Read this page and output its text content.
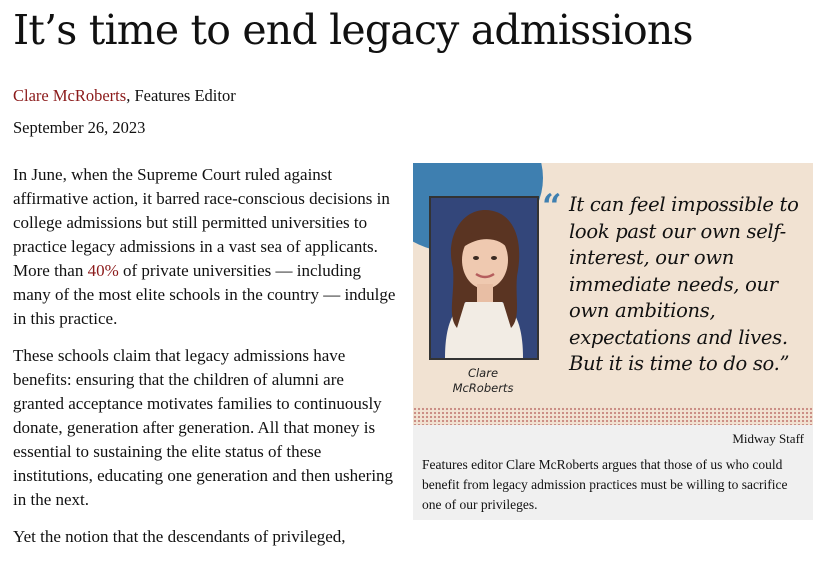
It’s time to end legacy admissions
Clare McRoberts, Features Editor
September 26, 2023

In June, when the Supreme Court ruled against affirmative action, it barred race-conscious decisions in college admissions but still permitted universities to practice legacy admissions in a vast sea of applicants. More than 40% of private universities — including many of the most elite schools in the country — indulge in this practice.

These schools claim that legacy admissions have benefits: ensuring that the children of alumni are granted acceptance motivates families to continuously donate, generation after generation. All that money is essential to sustaining the elite status of these institutions, educating one generation and then ushering in the next.

Yet the notion that the descendants of privileged,

Clare
McRoberts
“ It can feel impossible to look past our own self-interest, our own immediate needs, our own ambitions, expectations and lives. But it is time to do so.”
Midway Staff
Features editor Clare McRoberts argues that those of us who could benefit from legacy admission practices must be willing to sacrifice one of our privileges.
